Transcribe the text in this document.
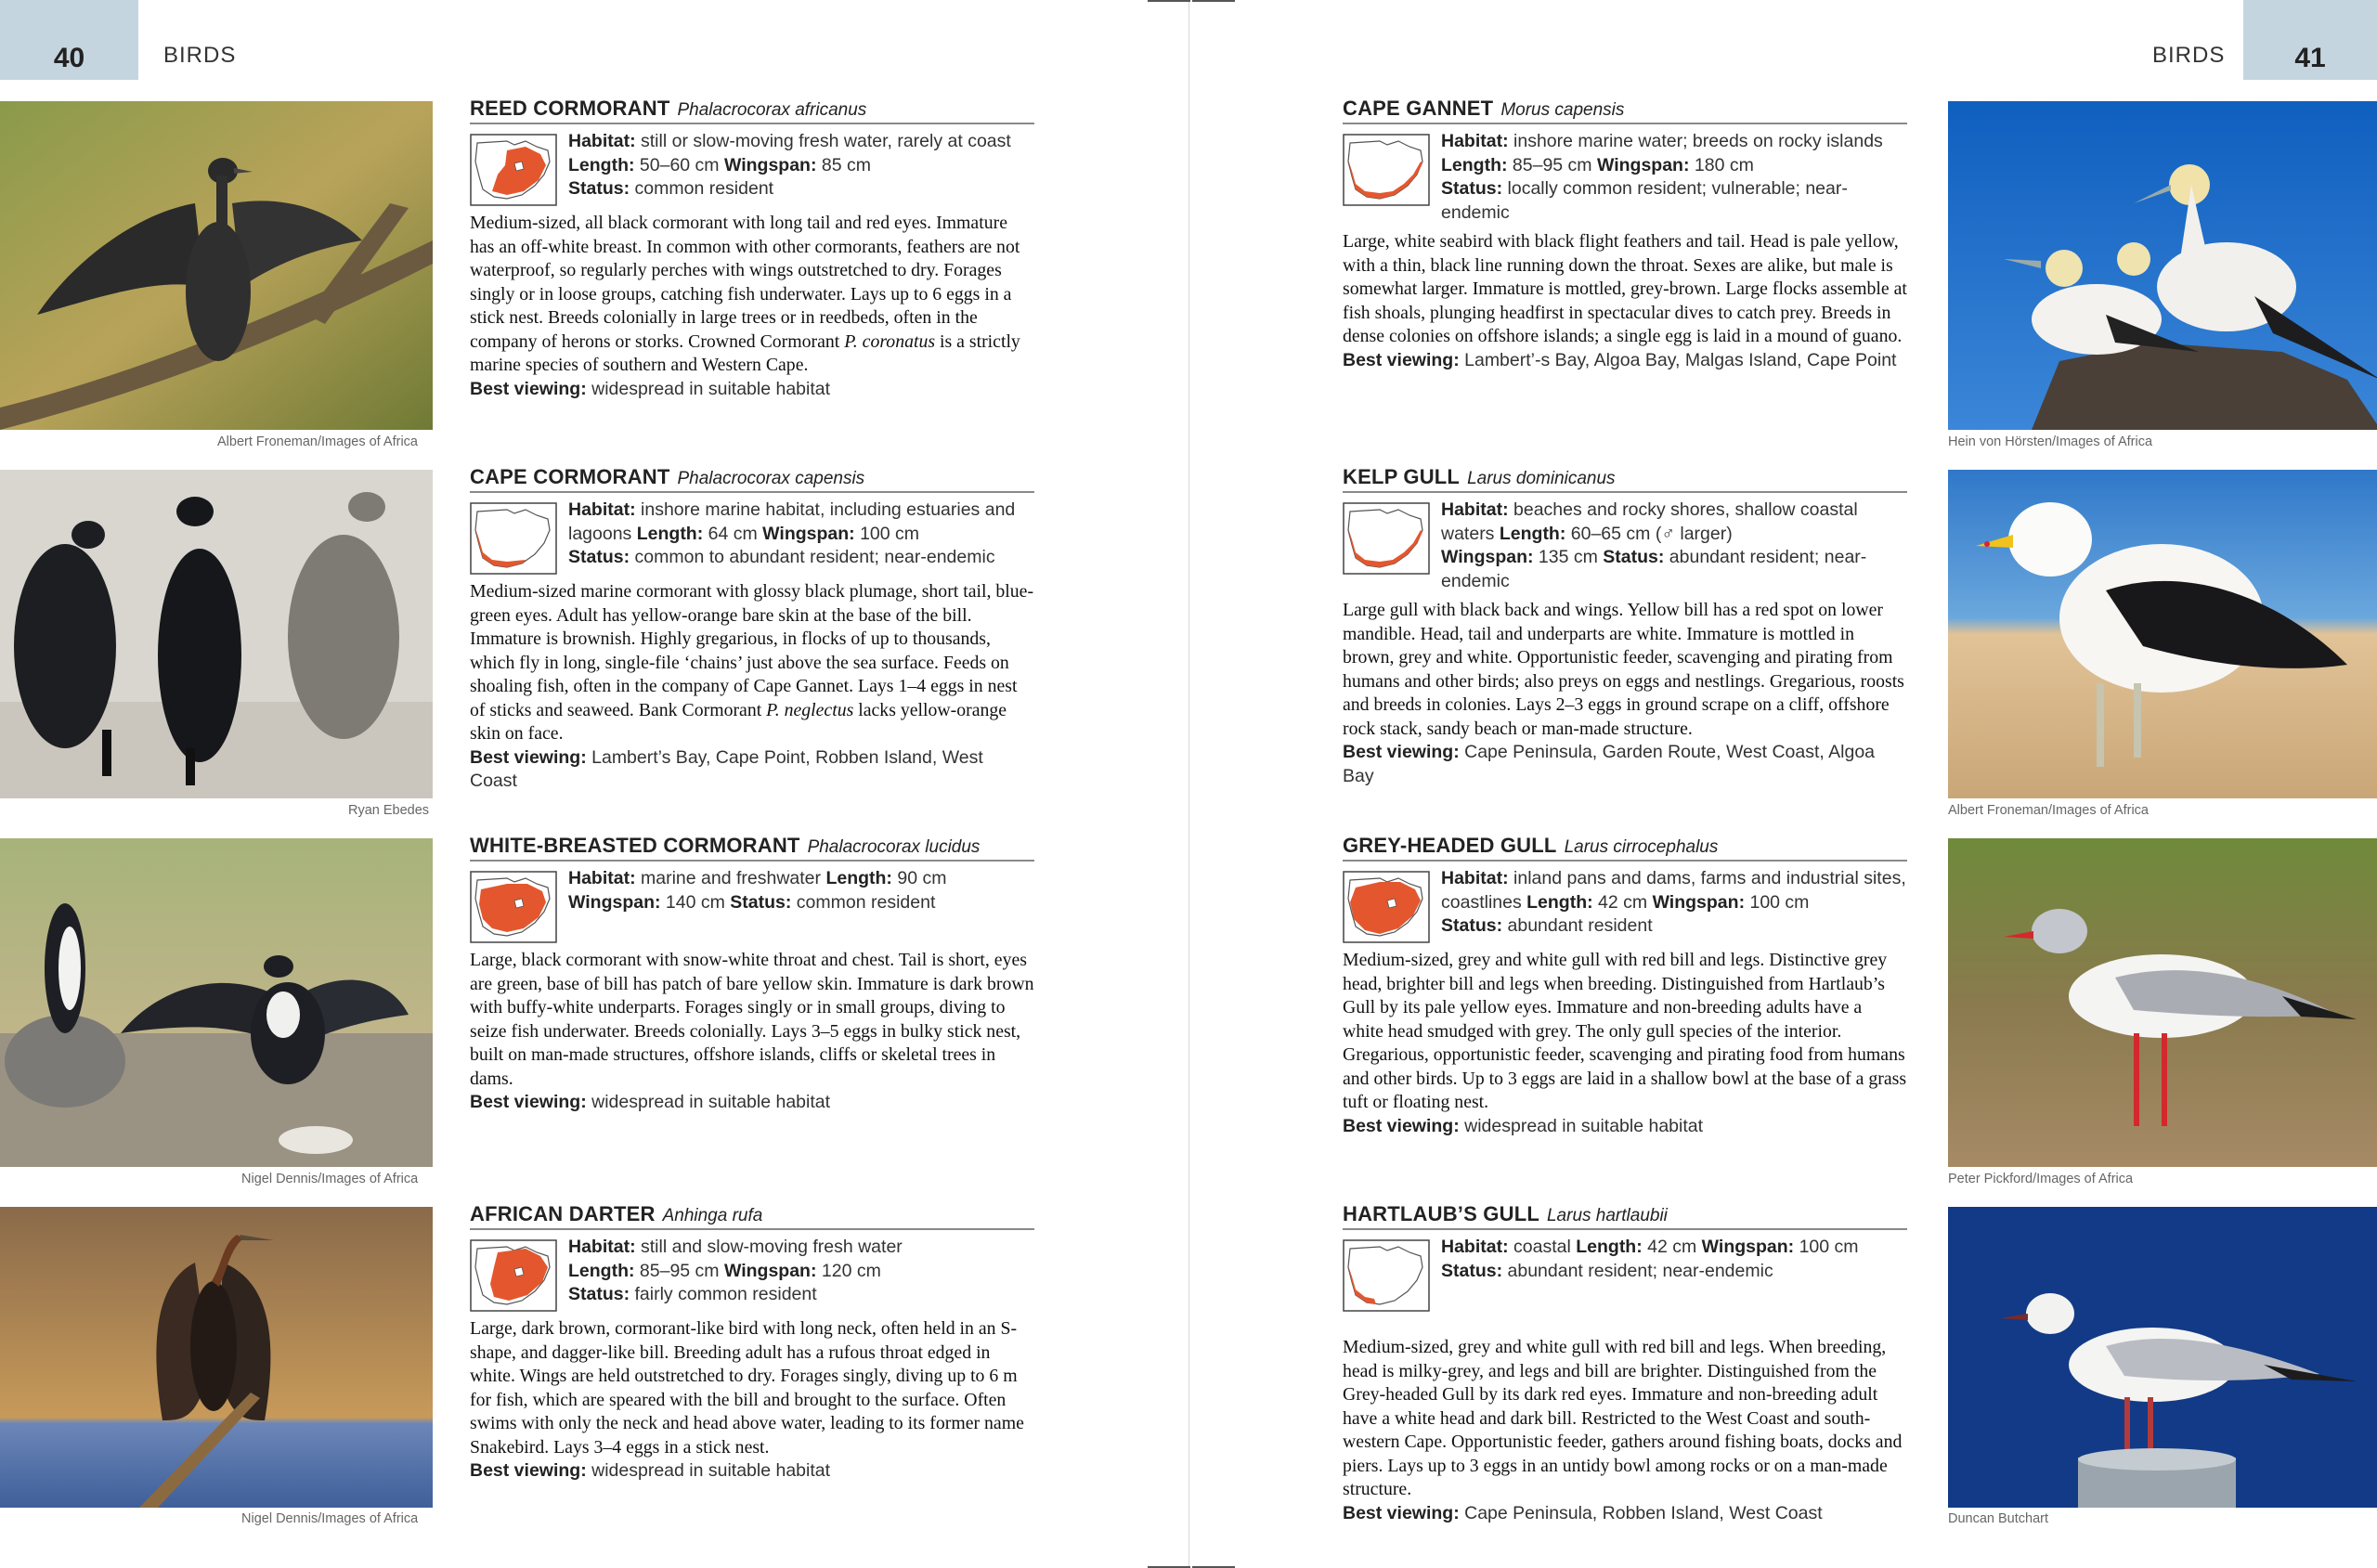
40	BIRDS	BIRDS	41
Albert Froneman/Images of Africa
Ryan Ebedes
Nigel Dennis/Images of Africa
Nigel Dennis/Images of Africa
REED CORMORANT Phalacrocorax africanus
Habitat: still or slow-moving fresh water, rarely at coast Length: 50–60 cm Wingspan: 85 cm
Status: common resident
Medium-sized, all black cormorant with long tail and red eyes. Immature has an off-white breast. In common with other cormorants, feathers are not waterproof, so regularly perches with wings outstretched to dry. Forages singly or in loose groups, catching fish underwater. Lays up to 6 eggs in a stick nest. Breeds colonially in large trees or in reedbeds, often in the company of herons or storks. Crowned Cormorant P. coronatus is a strictly marine species of southern and Western Cape.
Best viewing: widespread in suitable habitat
CAPE CORMORANT Phalacrocorax capensis
Habitat: inshore marine habitat, including estuaries and lagoons Length: 64 cm Wingspan: 100 cm
Status: common to abundant resident; near-endemic
Medium-sized marine cormorant with glossy black plumage, short tail, blue-green eyes. Adult has yellow-orange bare skin at the base of the bill. Immature is brownish. Highly gregarious, in flocks of up to thousands, which fly in long, single-file ‘chains’ just above the sea surface. Feeds on shoaling fish, often in the company of Cape Gannet. Lays 1–4 eggs in nest of sticks and seaweed. Bank Cormorant P. neglectus lacks yellow-orange skin on face.
Best viewing: Lambert’s Bay, Cape Point, Robben Island, West Coast
WHITE-BREASTED CORMORANT Phalacrocorax lucidus
Habitat: marine and freshwater Length: 90 cm
Wingspan: 140 cm Status: common resident
Large, black cormorant with snow-white throat and chest. Tail is short, eyes are green, base of bill has patch of bare yellow skin. Immature is dark brown with buffy-white underparts. Forages singly or in small groups, diving to seize fish underwater. Breeds colonially. Lays 3–5 eggs in bulky stick nest, built on man-made structures, offshore islands, cliffs or skeletal trees in dams.
Best viewing: widespread in suitable habitat
AFRICAN DARTER Anhinga rufa
Habitat: still and slow-moving fresh water
Length: 85–95 cm Wingspan: 120 cm
Status: fairly common resident
Large, dark brown, cormorant-like bird with long neck, often held in an S-shape, and dagger-like bill. Breeding adult has a rufous throat edged in white. Wings are held outstretched to dry. Forages singly, diving up to 6 m for fish, which are speared with the bill and brought to the surface. Often swims with only the neck and head above water, leading to its former name Snakebird. Lays 3–4 eggs in a stick nest.
Best viewing: widespread in suitable habitat
CAPE GANNET Morus capensis
Habitat: inshore marine water; breeds on rocky islands Length: 85–95 cm Wingspan: 180 cm
Status: locally common resident; vulnerable; near-endemic
Large, white seabird with black flight feathers and tail. Head is pale yellow, with a thin, black line running down the throat. Sexes are alike, but male is somewhat larger. Immature is mottled, grey-brown. Large flocks assemble at fish shoals, plunging headfirst in spectacular dives to catch prey. Breeds in dense colonies on offshore islands; a single egg is laid in a mound of guano.
Best viewing: Lambert’-s Bay, Algoa Bay, Malgas Island, Cape Point
KELP GULL Larus dominicanus
Habitat: beaches and rocky shores, shallow coastal waters Length: 60–65 cm (♂ larger)
Wingspan: 135 cm Status: abundant resident; near-endemic
Large gull with black back and wings. Yellow bill has a red spot on lower mandible. Head, tail and underparts are white. Immature is mottled in brown, grey and white. Opportunistic feeder, scavenging and pirating from humans and other birds; also preys on eggs and nestlings. Gregarious, roosts and breeds in colonies. Lays 2–3 eggs in ground scrape on a cliff, offshore rock stack, sandy beach or man-made structure.
Best viewing: Cape Peninsula, Garden Route, West Coast, Algoa Bay
GREY-HEADED GULL Larus cirrocephalus
Habitat: inland pans and dams, farms and industrial sites, coastlines Length: 42 cm Wingspan: 100 cm
Status: abundant resident
Medium-sized, grey and white gull with red bill and legs. Distinctive grey head, brighter bill and legs when breeding. Distinguished from Hartlaub’s Gull by its pale yellow eyes. Immature and non-breeding adults have a white head smudged with grey. The only gull species of the interior. Gregarious, opportunistic feeder, scavenging and pirating food from humans and other birds. Up to 3 eggs are laid in a shallow bowl at the base of a grass tuft or floating nest.
Best viewing: widespread in suitable habitat
HARTLAUB’S GULL Larus hartlaubii
Habitat: coastal Length: 42 cm Wingspan: 100 cm
Status: abundant resident; near-endemic
Medium-sized, grey and white gull with red bill and legs. When breeding, head is milky-grey, and legs and bill are brighter. Distinguished from the Grey-headed Gull by its dark red eyes. Immature and non-breeding adult have a white head and dark bill. Restricted to the West Coast and south-western Cape. Opportunistic feeder, gathers around fishing boats, docks and piers. Lays up to 3 eggs in an untidy bowl among rocks or on a man-made structure.
Best viewing: Cape Peninsula, Robben Island, West Coast
Hein von Hörsten/Images of Africa
Albert Froneman/Images of Africa
Peter Pickford/Images of Africa
Duncan Butchart
